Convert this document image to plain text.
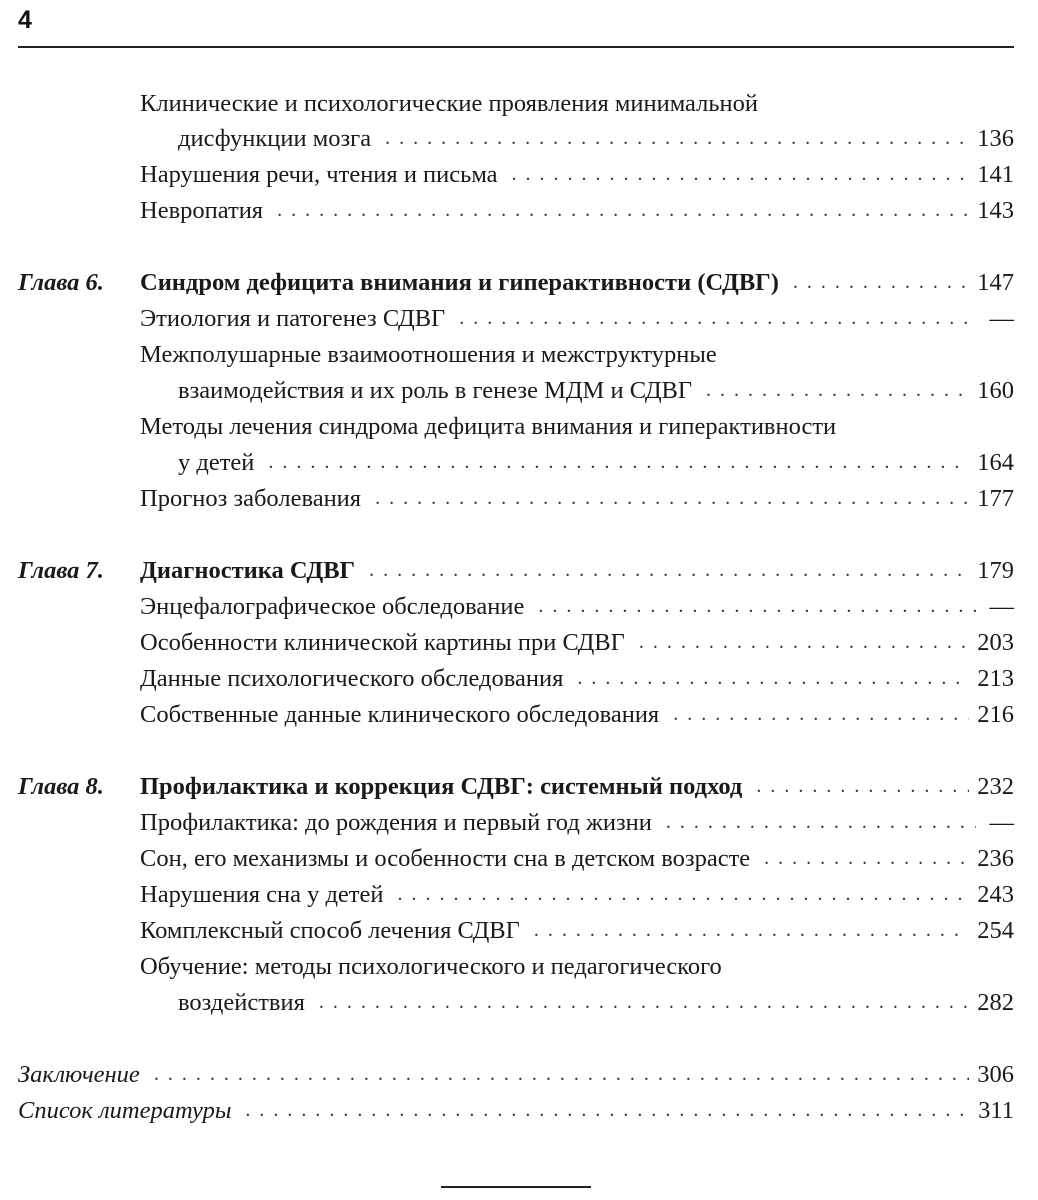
4
Клинические и психологические проявления минимальной
дисфункции мозга . . .	136
Нарушения речи, чтения и письма . . .	141
Невропатия . . .	143
Глава 6. Синдром дефицита внимания и гиперактивности (СДВГ) . . .	147
Этиология и патогенез СДВГ . . .	—
Межполушарные взаимоотношения и межструктурные
взаимодействия и их роль в генезе МДМ и СДВГ . . .	160
Методы лечения синдрома дефицита внимания и гиперактивности
у детей . . .	164
Прогноз заболевания . . .	177
Глава 7. Диагностика СДВГ . . .	179
Энцефалографическое обследование . . .	—
Особенности клинической картины при СДВГ . . .	203
Данные психологического обследования . . .	213
Собственные данные клинического обследования . . .	216
Глава 8. Профилактика и коррекция СДВГ: системный подход . . .	232
Профилактика: до рождения и первый год жизни . . .	—
Сон, его механизмы и особенности сна в детском возрасте . . .	236
Нарушения сна у детей . . .	243
Комплексный способ лечения СДВГ . . .	254
Обучение: методы психологического и педагогического
воздействия . . .	282
Заключение . . .	306
Список литературы . . .	311
